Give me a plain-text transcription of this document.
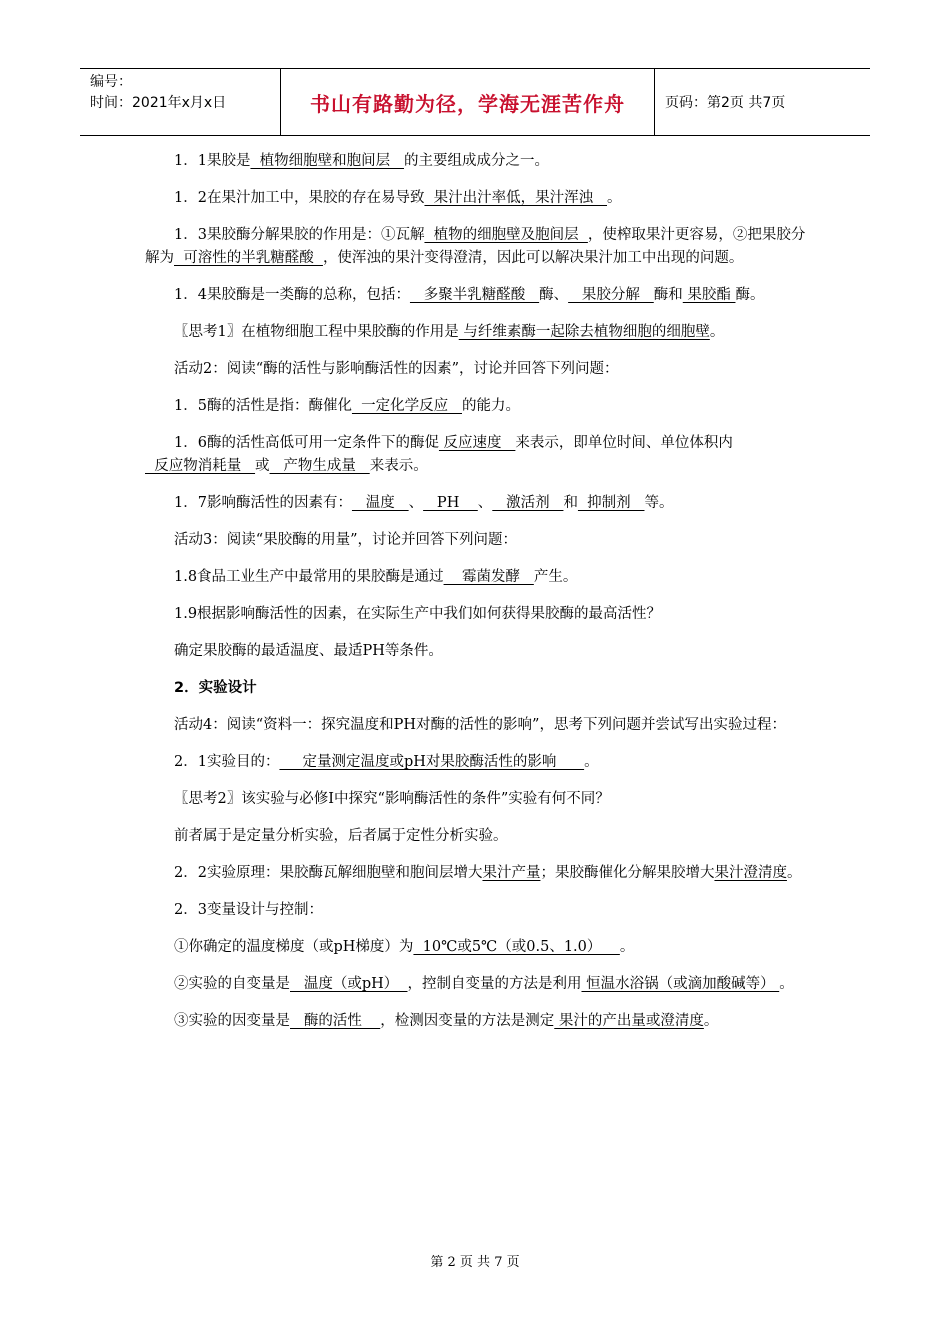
编号：
时间：2021年x月x日	书山有路勤为径，学海无涯苦作舟	页码：第2页 共7页

1．1果胶是  植物细胞壁和胞间层   的主要组成成分之一。

1．2在果汁加工中，果胶的存在易导致  果汁出汁率低，果汁浑浊   。

1．3果胶酶分解果胶的作用是：①瓦解  植物的细胞壁及胞间层  ，使榨取果汁更容易，②把果胶分解为  可溶性的半乳糖醛酸  ，使浑浊的果汁变得澄清，因此可以解决果汁加工中出现的问题。

1．4果胶酶是一类酶的总称，包括：   多聚半乳糖醛酸   酶、   果胶分解   酶和 果胶酯 酶。

〖思考1〗在植物细胞工程中果胶酶的作用是 与纤维素酶一起除去植物细胞的细胞壁。

活动2：阅读“酶的活性与影响酶活性的因素”，讨论并回答下列问题：

1．5酶的活性是指：酶催化  一定化学反应   的能力。

1．6酶的活性高低可用一定条件下的酶促 反应速度   来表示，即单位时间、单位体积内  反应物消耗量   或   产物生成量   来表示。

1．7影响酶活性的因素有：   温度   、   PH    、   激活剂   和  抑制剂   等。

活动3：阅读“果胶酶的用量”，讨论并回答下列问题：

1.8食品工业生产中最常用的果胶酶是通过    霉菌发酵   产生。

1.9根据影响酶活性的因素，在实际生产中我们如何获得果胶酶的最高活性？

确定果胶酶的最适温度、最适PH等条件。

2．实验设计

活动4：阅读“资料一：探究温度和PH对酶的活性的影响”，思考下列问题并尝试写出实验过程：

2．1实验目的：     定量测定温度或pH对果胶酶活性的影响      。

〖思考2〗该实验与必修Ⅰ中探究“影响酶活性的条件”实验有何不同？

前者属于是定量分析实验，后者属于定性分析实验。

2．2实验原理：果胶酶瓦解细胞壁和胞间层增大果汁产量；果胶酶催化分解果胶增大果汁澄清度。

2．3变量设计与控制：

①你确定的温度梯度（或pH梯度）为  10℃或5℃（或0.5、1.0）    。

②实验的自变量是   温度（或pH）  ，控制自变量的方法是利用 恒温水浴锅（或滴加酸碱等） 。

③实验的因变量是   酶的活性    ，检测因变量的方法是测定 果汁的产出量或澄清度。

第 2 页 共 7 页
